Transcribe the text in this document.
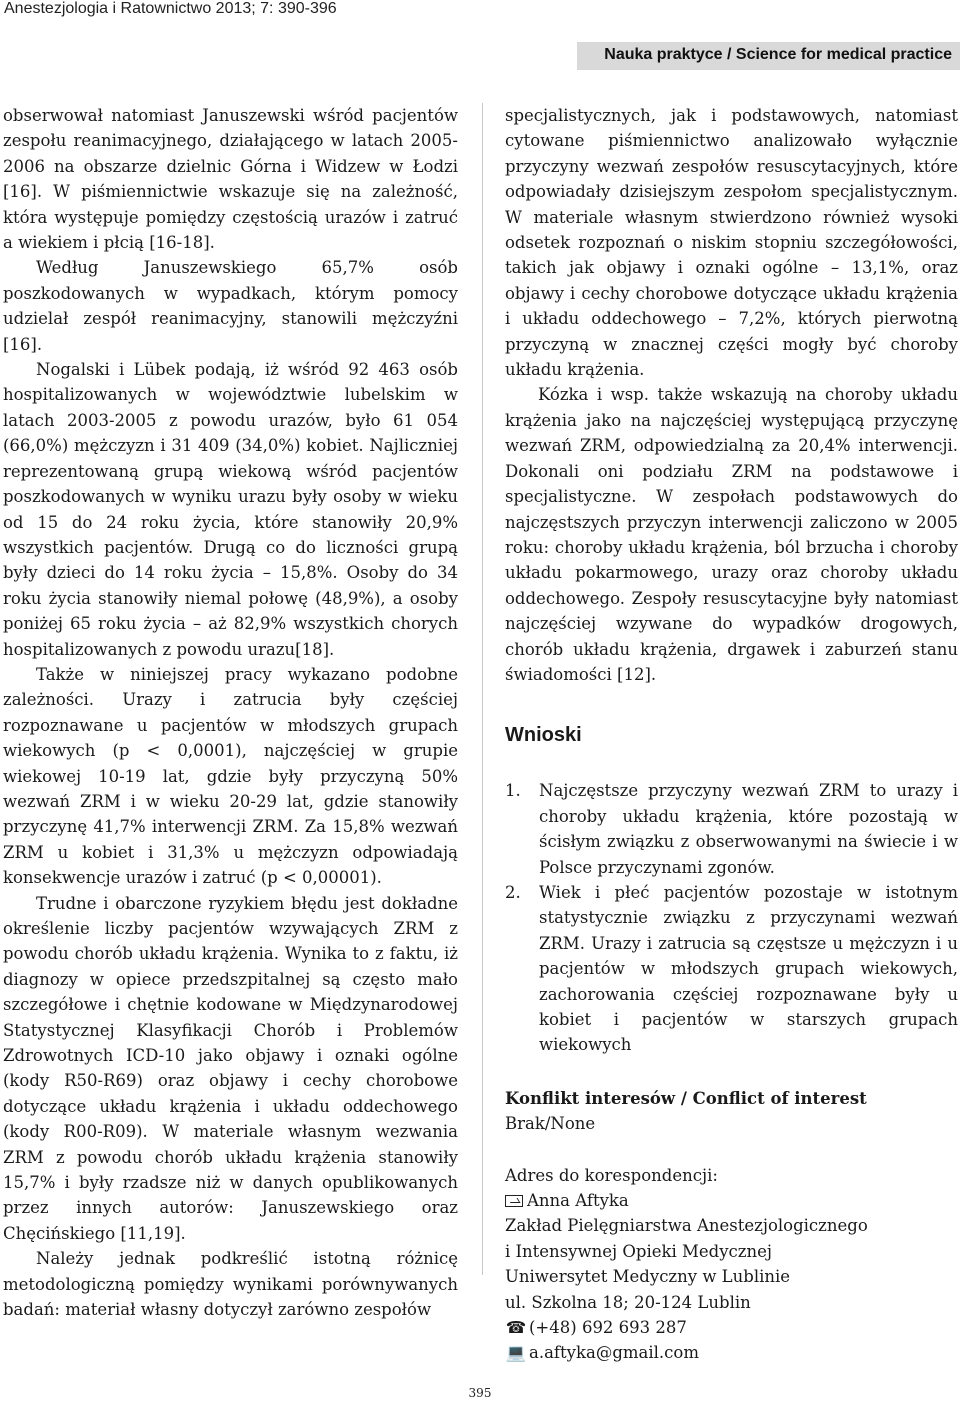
Anestezjologia i Ratownictwo 2013; 7: 390-396
Nauka praktyce / Science for medical practice

obserwował natomiast Januszewski wśród pacjentów zespołu reanimacyjnego, działającego w latach 2005-2006 na obszarze dzielnic Górna i Widzew w Łodzi [16]. W piśmiennictwie wskazuje się na zależność, która występuje pomiędzy częstością urazów i zatruć a wiekiem i płcią [16-18].

Według Januszewskiego 65,7% osób poszkodowanych w wypadkach, którym pomocy udzielał zespół reanimacyjny, stanowili mężczyźni [16].

Nogalski i Lübek podają, iż wśród 92 463 osób hospitalizowanych w województwie lubelskim w latach 2003-2005 z powodu urazów, było 61 054 (66,0%) mężczyzn i 31 409 (34,0%) kobiet. Najliczniej reprezentowaną grupą wiekową wśród pacjentów poszkodowanych w wyniku urazu były osoby w wieku od 15 do 24 roku życia, które stanowiły 20,9% wszystkich pacjentów. Drugą co do liczności grupą były dzieci do 14 roku życia – 15,8%. Osoby do 34 roku życia stanowiły niemal połowę (48,9%), a osoby poniżej 65 roku życia – aż 82,9% wszystkich chorych hospitalizowanych z powodu urazu[18].

Także w niniejszej pracy wykazano podobne zależności. Urazy i zatrucia były częściej rozpoznawane u pacjentów w młodszych grupach wiekowych (p < 0,0001), najczęściej w grupie wiekowej 10-19 lat, gdzie były przyczyną 50% wezwań ZRM i w wieku 20-29 lat, gdzie stanowiły przyczynę 41,7% interwencji ZRM. Za 15,8% wezwań ZRM u kobiet i 31,3% u mężczyzn odpowiadają konsekwencje urazów i zatruć (p < 0,00001).

Trudne i obarczone ryzykiem błędu jest dokładne określenie liczby pacjentów wzywających ZRM z powodu chorób układu krążenia. Wynika to z faktu, iż diagnozy w opiece przedszpitalnej są często mało szczegółowe i chętnie kodowane w Międzynarodowej Statystycznej Klasyfikacji Chorób i Problemów Zdrowotnych ICD-10 jako objawy i oznaki ogólne (kody R50-R69) oraz objawy i cechy chorobowe dotyczące układu krążenia i układu oddechowego (kody R00-R09). W materiale własnym wezwania ZRM z powodu chorób układu krążenia stanowiły 15,7% i były rzadsze niż w danych opublikowanych przez innych autorów: Januszewskiego oraz Chęcińskiego [11,19].

Należy jednak podkreślić istotną różnicę metodologiczną pomiędzy wynikami porównywanych badań: materiał własny dotyczył zarówno zespołów

specjalistycznych, jak i podstawowych, natomiast cytowane piśmiennictwo analizowało wyłącznie przyczyny wezwań zespołów resuscytacyjnych, które odpowiadały dzisiejszym zespołom specjalistycznym. W materiale własnym stwierdzono również wysoki odsetek rozpoznań o niskim stopniu szczegółowości, takich jak objawy i oznaki ogólne – 13,1%, oraz objawy i cechy chorobowe dotyczące układu krążenia i układu oddechowego – 7,2%, których pierwotną przyczyną w znacznej części mogły być choroby układu krążenia.

Kózka i wsp. także wskazują na choroby układu krążenia jako na najczęściej występującą przyczynę wezwań ZRM, odpowiedzialną za 20,4% interwencji. Dokonali oni podziału ZRM na podstawowe i specjalistyczne. W zespołach podstawowych do najczęstszych przyczyn interwencji zaliczono w 2005 roku: choroby układu krążenia, ból brzucha i choroby układu pokarmowego, urazy oraz choroby układu oddechowego. Zespoły resuscytacyjne były natomiast najczęściej wzywane do wypadków drogowych, chorób układu krążenia, drgawek i zaburzeń stanu świadomości [12].

Wnioski
1. Najczęstsze przyczyny wezwań ZRM to urazy i choroby układu krążenia, które pozostają w ścisłym związku z obserwowanymi na świecie i w Polsce przyczynami zgonów.
2. Wiek i płeć pacjentów pozostaje w istotnym statystycznie związku z przyczynami wezwań ZRM. Urazy i zatrucia są częstsze u mężczyzn i u pacjentów w młodszych grupach wiekowych, zachorowania częściej rozpoznawane były u kobiet i pacjentów w starszych grupach wiekowych
Konflikt interesów / Conflict of interest
Brak/None
Adres do korespondencji:
Anna Aftyka
Zakład Pielęgniarstwa Anestezjologicznego
i Intensywnej Opieki Medycznej
Uniwersytet Medyczny w Lublinie
ul. Szkolna 18; 20-124 Lublin
☎ (+48) 692 693 287
💻 a.aftyka@gmail.com
395
